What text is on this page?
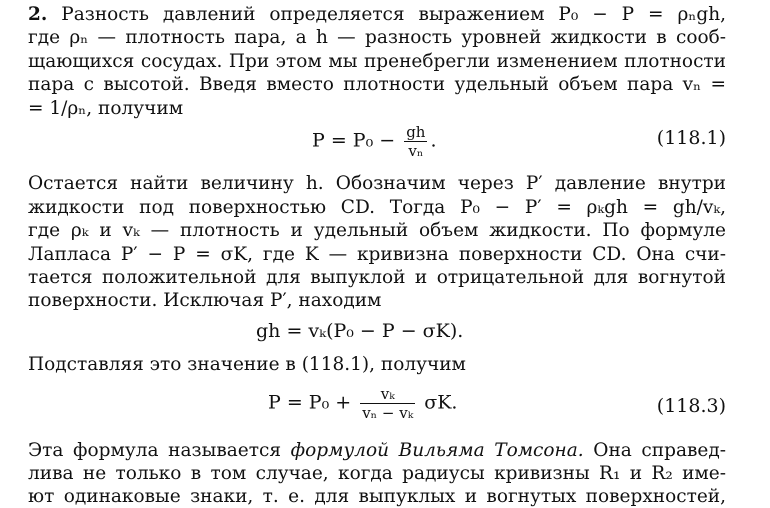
2. Разность давлений определяется выражением P₀ − P = ρₙgh,
где ρₙ — плотность пара, а h — разность уровней жидкости в сооб-
щающихся сосудах. При этом мы пренебрегли изменением плотности
пара с высотой. Введя вместо плотности удельный объем пара vₙ =
= 1/ρₙ, получим
$P = P_0 - \frac{gh}{\text{vₙ}}$ .	(118.1)
Остается найти величину h. Обозначим через P′ давление внутри
жидкости под поверхностью CD. Тогда P₀ − P′ = ρₖgh = gh/vₖ,
где ρₖ и vₖ — плотность и удельный объем жидкости. По формуле
Лапласа P′ − P = σK, где K — кривизна поверхности CD. Она счи-
тается положительной для выпуклой и отрицательной для вогнутой
поверхности. Исключая P′, находим
gh = vₖ(P₀ − P − σK).
Подставляя это значение в (118.1), получим
$P = P_0 + \frac{\text{vₖ}}{\text{vₙ − vₖ}} \sigma K$.	(118.3)
Эта формула называется формулой Вильяма Томсона. Она справед-
лива не только в том случае, когда радиусы кривизны R₁ и R₂ име-
ют одинаковые знаки, т. е. для выпуклых и вогнутых поверхностей,
